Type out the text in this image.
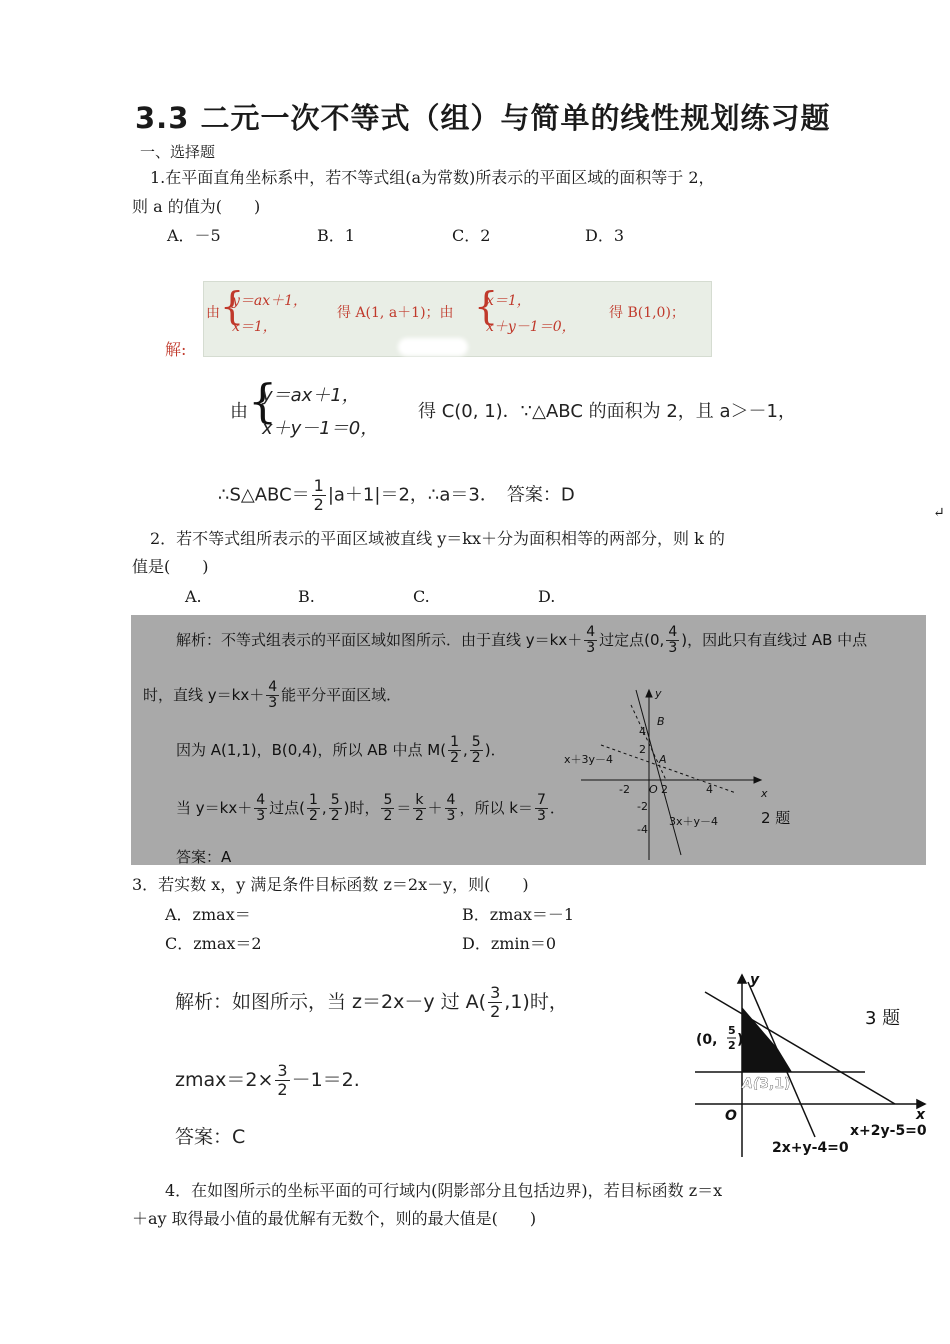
3.3 二元一次不等式（组）与简单的线性规划练习题
一、选择题
1.在平面直角坐标系中，若不等式组(a为常数)所表示的平面区域的面积等于 2，
则 a 的值为(　　)
A．－5	B．1	C．2	D．3
解:
由 {
y＝ax＋1，
x＝1，
得 A(1, a＋1)；由 {
x＝1，
x＋y－1＝0，
得 B(1,0)；
由 {
y＝ax＋1，
x＋y－1＝0，
得 C(0, 1)．∵△ABC 的面积为 2，且 a＞－1，
∴S△ABC＝ $\frac{1}{2} |a+1|=2$，∴a＝3．　答案：D
↵
2．若不等式组所表示的平面区域被直线 y＝kx＋分为面积相等的两部分，则 k 的
值是(　　)
A.	B.	C.	D.
解析：不等式组表示的平面区域如图所示．由于直线 $y=kx+ \frac{4}{3}$ 过定点(0, $\frac{4}{3}$ )，因此只有直线过 AB 中点
时，直线 $y=kx+ \frac{4}{3}$ 能平分平面区域．
因为 A(1,1)，B(0,4)，所以 AB 中点 $M( \frac{1}{2}$ , $\frac{5}{2}$ )．
当 $y=kx+ \frac{4}{3}$ 过点( $\frac{1}{2}$ , $\frac{5}{2}$ )时， $\frac{5}{2} = \frac{k}{2} + \frac{4}{3}$ ，所以 $k= \frac{7}{3}$ ．
答案：A
y
x
B
A
O
4
2
-2	2	4
-2
-4
x＋3y－4
3x＋y－4	2 题
3．若实数 x，y 满足条件目标函数 z＝2x－y，则(　　)
A．zmax＝	B．zmax＝－1
C．zmax＝2	D．zmin＝0
解析：如图所示，当 z＝2x－y 过 $A( \frac{3}{2} ,1)$时，
$zmax=2\times \frac{3}{2} -1=2$.
答案：C
y
x
O
(0,
5
2 )
A(3,1)
2x+y-4=0
x+2y-5=0
3 题
4．在如图所示的坐标平面的可行域内(阴影部分且包括边界)，若目标函数 z＝x
＋ay 取得最小值的最优解有无数个，则的最大值是(　　)
